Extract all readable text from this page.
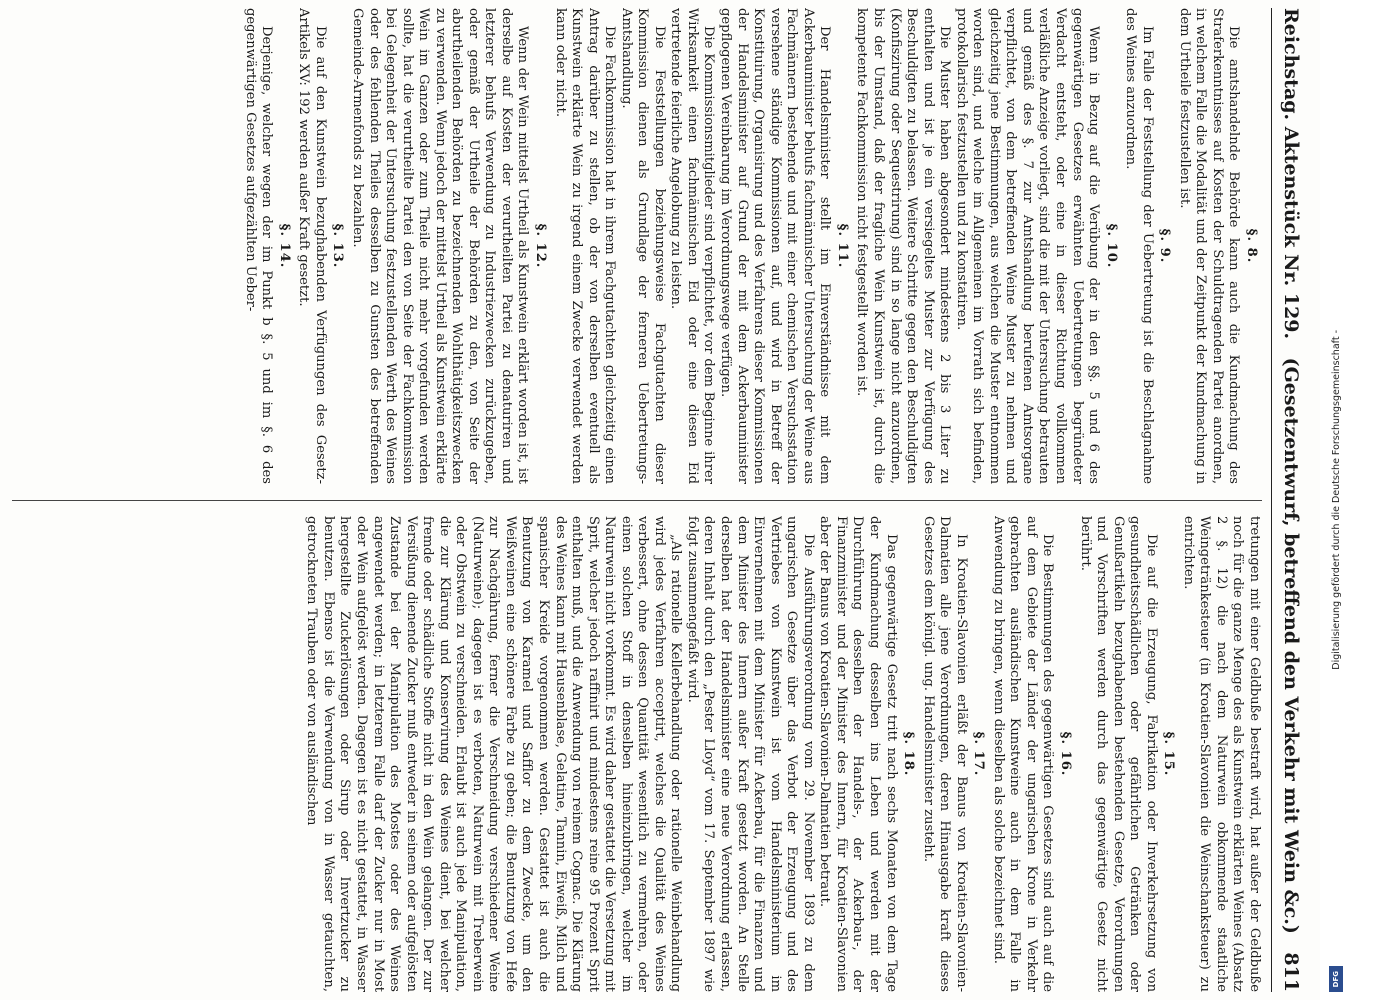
Reichstag. Aktenstück Nr. 129.
(Gesetzentwurf, betreffend den Verkehr mit Wein &c.)
811

§. 8.

Die amtshandelnde Behörde kann auch die Kundmachung des Straferkenntnisses auf Kosten der Schuldtragenden Partei anordnen, in welchem Falle die Modalität und der Zeitpunkt der Kundmachung in dem Urtheile festzustellen ist.

§. 9.

Im Falle der Feststellung der Uebertretung ist die Beschlagnahme des Weines anzuordnen.

§. 10.

Wenn in Bezug auf die Verübung der in den §§. 5 und 6 des gegenwärtigen Gesetzes erwähnten Uebertretungen begründeter Verdacht entsteht, oder eine in dieser Richtung vollkommen verläßliche Anzeige vorliegt, sind die mit der Untersuchung betrauten und gemäß des §. 7 zur Amtshandlung berufenen Amtsorgane verpflichtet, von dem betreffenden Weine Muster zu nehmen und gleichzeitig jene Bestimmungen, aus welchen die Muster entnommen worden sind, und welche im Allgemeinen im Vorrath sich befinden, protokollarisch festzustellen und zu konstatiren.

Die Muster haben abgesondert mindestens 2 bis 3 Liter zu enthalten und ist je ein versiegeltes Muster zur Verfügung des Beschuldigten zu belassen. Weitere Schritte gegen den Beschuldigten (Konfiszirung oder Sequestrirung) sind in so lange nicht anzuordnen, bis der Umstand, daß der fragliche Wein Kunstwein ist, durch die kompetente Fachkommission nicht festgestellt worden ist.

§. 11.

Der Handelsminister stellt im Einverständnisse mit dem Ackerbauminister behufs fachmännischer Untersuchung der Weine aus Fachmännern bestehende und mit einer chemischen Versuchsstation versehene ständige Kommissionen auf, und wird in Betreff der Konstituirung, Organisirung und des Verfahrens dieser Kommissionen der Handelsminister auf Grund der mit dem Ackerbauminister gepflogenen Vereinbarung im Verordnungswege verfügen.

Die Kommissionsmitglieder sind verpflichtet, vor dem Beginne ihrer Wirksamkeit einen fachmännischen Eid oder eine diesen Eid vertretende feierliche Angelobung zu leisten.

Die Feststellungen beziehungsweise Fachgutachten dieser Kommission dienen als Grundlage der ferneren Uebertretungs-Amtshandlung.

Die Fachkommission hat in ihrem Fachgutachten gleichzeitig einen Antrag darüber zu stellen, ob der von derselben eventuell als Kunstwein erklärte Wein zu irgend einem Zwecke verwendet werden kann oder nicht.

§. 12.

Wenn der Wein mittelst Urtheil als Kunstwein erklärt worden ist, ist derselbe auf Kosten der verurtheilten Partei zu denaturiren und letzterer behufs Verwendung zu Industriezwecken zurückzugeben, oder gemäß der Urtheile der Behörden zu den, von Seite der aburtheilenden Behörden zu bezeichnenden Wohlthätigkeitszwecken zu verwenden. Wenn jedoch der mittelst Urtheil als Kunstwein erklärte Wein im Ganzen oder zum Theile nicht mehr vorgefunden werden sollte, hat die verurtheilte Partei den von Seite der Fachkommission bei Gelegenheit der Untersuchung festzustellenden Werth des Weines oder des fehlenden Theiles desselben zu Gunsten des betreffenden Gemeinde-Armenfonds zu bezahlen.

§. 13.

Die auf den Kunstwein bezughabenden Verfügungen des Gesetz-Artikels XV: 192 werden außer Kraft gesetzt.

§. 14.

Derjenige, welcher wegen der im Punkt b §. 5 und im §. 6 des gegenwärtigen Gesetzes aufgezählten Ueber-

tretungen mit einer Geldbuße bestraft wird, hat außer der Geldbuße noch für die ganze Menge des als Kunstwein erklärten Weines (Absatz 2 §. 12) die nach dem Naturwein obkommende staatliche Weingetränkesteuer (in Kroatien-Slavonien die Weinschanksteuer) zu entrichten.

§. 15.

Die auf die Erzeugung, Fabrikation oder Inverkehrsetzung von gesundheitsschädlichen oder gefährlichen Getränken oder Genußartikeln bezughabenden bestehenden Gesetze, Verordnungen und Vorschriften werden durch das gegenwärtige Gesetz nicht berührt.

§. 16.

Die Bestimmungen des gegenwärtigen Gesetzes sind auch auf die auf dem Gebiete der Länder der ungarischen Krone in Verkehr gebrachten ausländischen Kunstweine auch in dem Falle in Anwendung zu bringen, wenn dieselben als solche bezeichnet sind.

§. 17.

In Kroatien-Slavonien erläßt der Banus von Kroatien-Slavonien-Dalmatien alle jene Verordnungen, deren Hinausgabe kraft dieses Gesetzes dem königl. ung. Handelsminister zusteht.

§. 18.

Das gegenwärtige Gesetz tritt nach sechs Monaten von dem Tage der Kundmachung desselben ins Leben und werden mit der Durchführung desselben der Handels-, der Ackerbau-, der Finanzminister und der Minister des Innern, für Kroatien-Slavonien aber der Banus von Kroatien-Slavonien-Dalmatien betraut.

Die Ausführungsverordnung vom 29. November 1893 zu dem ungarischen Gesetze über das Verbot der Erzeugung und des Vertriebes von Kunstwein ist vom Handelsministerium im Einvernehmen mit dem Minister für Ackerbau, für die Finanzen und dem Minister des Innern außer Kraft gesetzt worden. An Stelle derselben hat der Handelsminister eine neue Verordnung erlassen, deren Inhalt durch den „Pester Lloyd“ vom 17. September 1897 wie folgt zusammengefaßt wird.

„Als rationelle Kellerbehandlung oder rationelle Weinbehandlung wird jedes Verfahren acceptirt, welches die Qualität des Weines verbessert, ohne dessen Quantität wesentlich zu vermehren, oder einen solchen Stoff in denselben hineinzubringen, welcher im Naturwein nicht vorkommt. Es wird daher gestattet die Versetzung mit Sprit, welcher jedoch raffinirt und mindestens reine 95 Prozent Sprit enthalten muß, und die Anwendung von reinem Cognac. Die Klärung des Weines kann mit Hausenblase, Gelatine, Tannin, Eiweiß, Milch und spanischer Kreide vorgenommen werden. Gestattet ist auch die Benutzung von Karamel und Safflor zu dem Zwecke, um den Weißweinen eine schönere Farbe zu geben; die Benutzung von Hefe zur Nachgährung, ferner die Verschneidung verschiedener Weine (Naturweine); dagegen ist es verboten, Naturwein mit Treberwein oder Obstwein zu verschneiden. Erlaubt ist auch jede Manipulation, die zur Klärung und Konservirung des Weines dient, bei welcher fremde oder schädliche Stoffe nicht in den Wein gelangen. Der zur Versüßung dienende Zucker muß entweder in seinem oder aufgelösten Zustande bei der Manipulation des Mostes oder des Weines angewendet werden; in letzterem Falle darf der Zucker nur in Most oder Wein aufgelöst werden. Dagegen ist es nicht gestattet, in Wasser hergestellte Zuckerlösungen oder Sirup oder Invertzucker zu benutzen. Ebenso ist die Verwendung von in Wasser getauchten, getrockneten Trauben oder von ausländischen

Digitalisierung gefördert durch die Deutsche Forschungsgemeinschaft -
DFG
